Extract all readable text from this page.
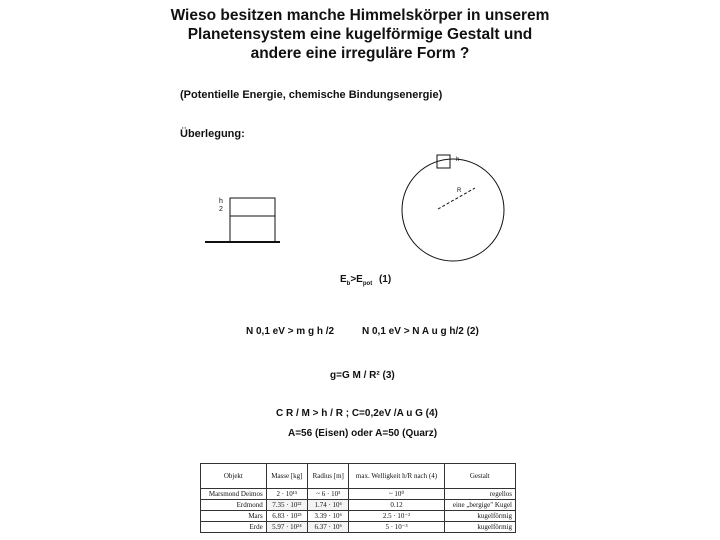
Wieso besitzen manche Himmelskörper in unserem Planetensystem eine kugelförmige Gestalt und andere eine irreguläre Form ?
(Potentielle Energie, chemische Bindungsenergie)
Überlegung:
h
2
h
R
$E_b>E_{pot}$ (1)
N 0,1 eV > m g h /2	N 0,1 eV > N A u g h/2 (2)
g=G M / R² (3)
C R / M > h / R ; C=0,2eV /A u G (4)
A=56 (Eisen) oder A=50 (Quarz)
Objekt	Masse [kg]	Radius [m]	max. Welligkeit h/R nach (4)	Gestalt
Marsmond Deimos	2 · 10¹⁵	~ 6 · 10³	~ 10⁰	regellos
Erdmond	7.35 · 10²²	1.74 · 10⁶	0.12	eine „bergige" Kugel
Mars	6.83 · 10²³	3.39 · 10⁶	2.5 · 10⁻²	kugelförmig
Erde	5.97 · 10²⁴	6.37 · 10⁶	5 · 10⁻³	kugelförmig
